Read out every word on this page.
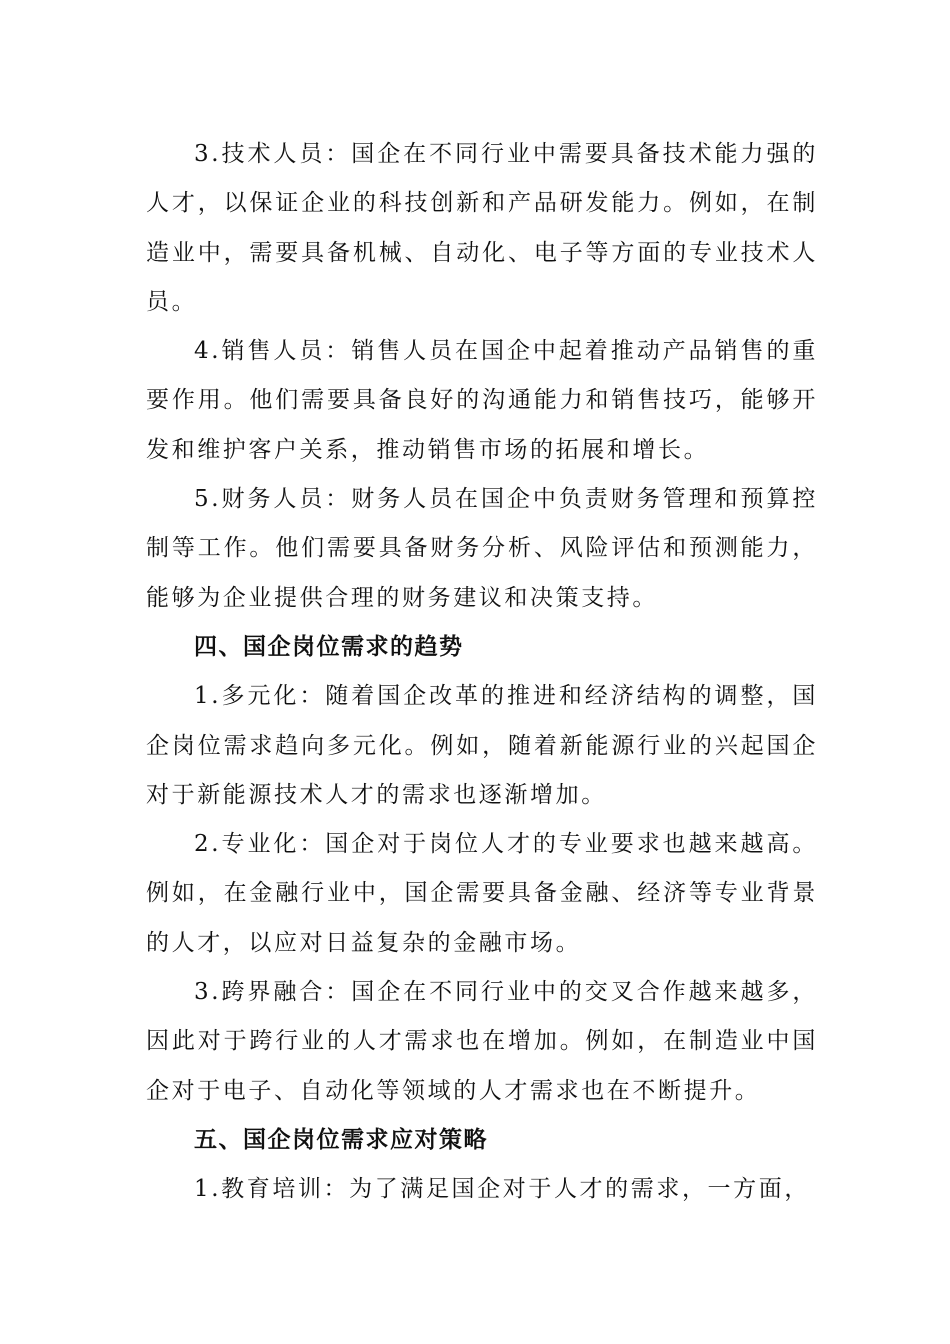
3.技术人员：国企在不同行业中需要具备技术能力强的人才，以保证企业的科技创新和产品研发能力。例如，在制造业中，需要具备机械、自动化、电子等方面的专业技术人员。

4.销售人员：销售人员在国企中起着推动产品销售的重要作用。他们需要具备良好的沟通能力和销售技巧，能够开发和维护客户关系，推动销售市场的拓展和增长。

5.财务人员：财务人员在国企中负责财务管理和预算控制等工作。他们需要具备财务分析、风险评估和预测能力，能够为企业提供合理的财务建议和决策支持。

四、国企岗位需求的趋势

1.多元化：随着国企改革的推进和经济结构的调整，国企岗位需求趋向多元化。例如，随着新能源行业的兴起国企对于新能源技术人才的需求也逐渐增加。

2.专业化：国企对于岗位人才的专业要求也越来越高。例如，在金融行业中，国企需要具备金融、经济等专业背景的人才，以应对日益复杂的金融市场。

3.跨界融合：国企在不同行业中的交叉合作越来越多，因此对于跨行业的人才需求也在增加。例如，在制造业中国企对于电子、自动化等领域的人才需求也在不断提升。

五、国企岗位需求应对策略

1.教育培训：为了满足国企对于人才的需求，一方面，
